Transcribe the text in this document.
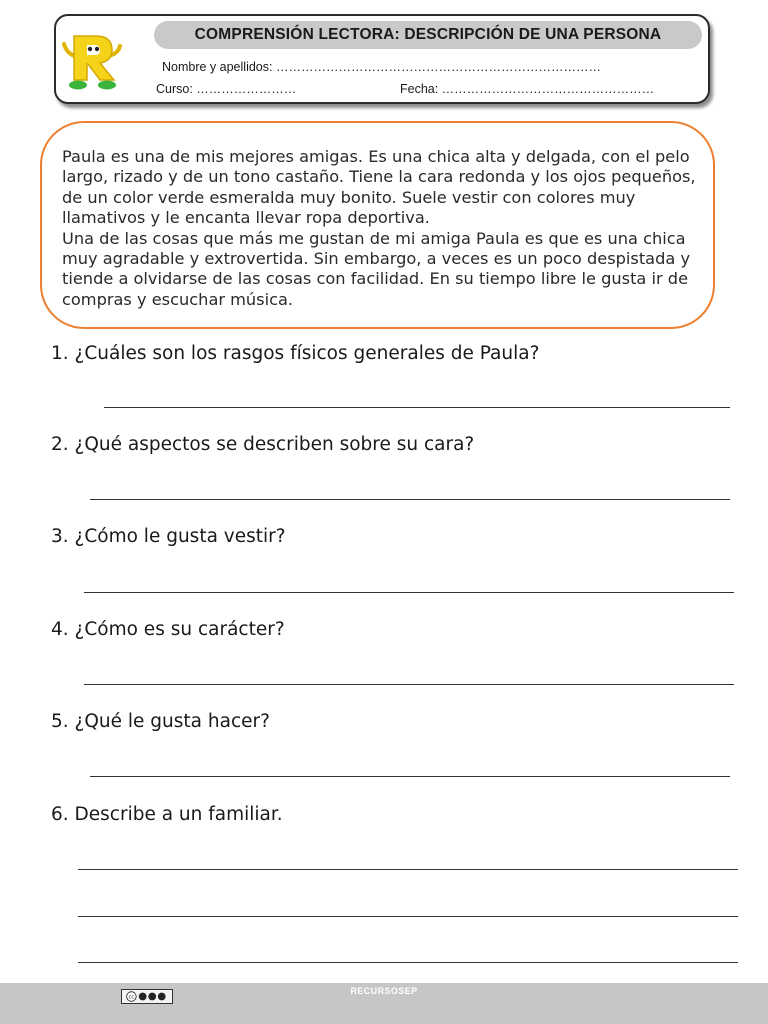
COMPRENSIÓN LECTORA: DESCRIPCIÓN DE UNA PERSONA
Nombre y apellidos: ……………………………………………………………………
Curso: ……………………	Fecha: ……………………………………………

Paula es una de mis mejores amigas. Es una chica alta y delgada, con el pelo largo, rizado y de un tono castaño. Tiene la cara redonda y los ojos pequeños, de un color verde esmeralda muy bonito. Suele vestir con colores muy llamativos y le encanta llevar ropa deportiva.

Una de las cosas que más me gustan de mi amiga Paula es que es una chica muy agradable y extrovertida. Sin embargo, a veces es un poco despistada y tiende a olvidarse de las cosas con facilidad. En su tiempo libre le gusta ir de compras y escuchar música.

1. ¿Cuáles son los rasgos físicos generales de Paula?
2. ¿Qué aspectos se describen sobre su cara?
3. ¿Cómo le gusta vestir?
4. ¿Cómo es su carácter?
5. ¿Qué le gusta hacer?
6. Describe a un familiar.
cc
RECURSOSEP
